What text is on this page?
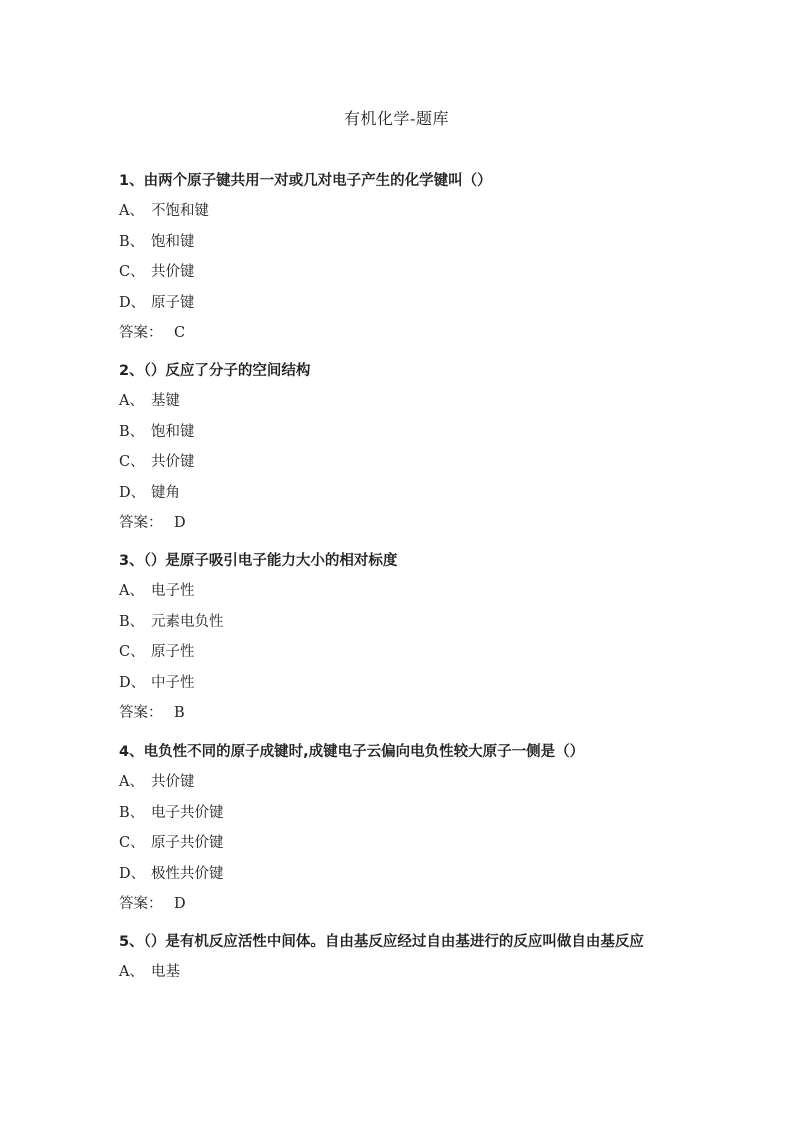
有机化学-题库
1、由两个原子键共用一对或几对电子产生的化学键叫（）
A、 不饱和键
B、 饱和键
C、 共价键
D、 原子键
答案： C
2、（）反应了分子的空间结构
A、 基键
B、 饱和键
C、 共价键
D、 键角
答案： D
3、（）是原子吸引电子能力大小的相对标度
A、 电子性
B、 元素电负性
C、 原子性
D、 中子性
答案： B
4、电负性不同的原子成键时,成键电子云偏向电负性较大原子一侧是（）
A、 共价键
B、 电子共价键
C、 原子共价键
D、 极性共价键
答案： D
5、（）是有机反应活性中间体。自由基反应经过自由基进行的反应叫做自由基反应
A、 电基
